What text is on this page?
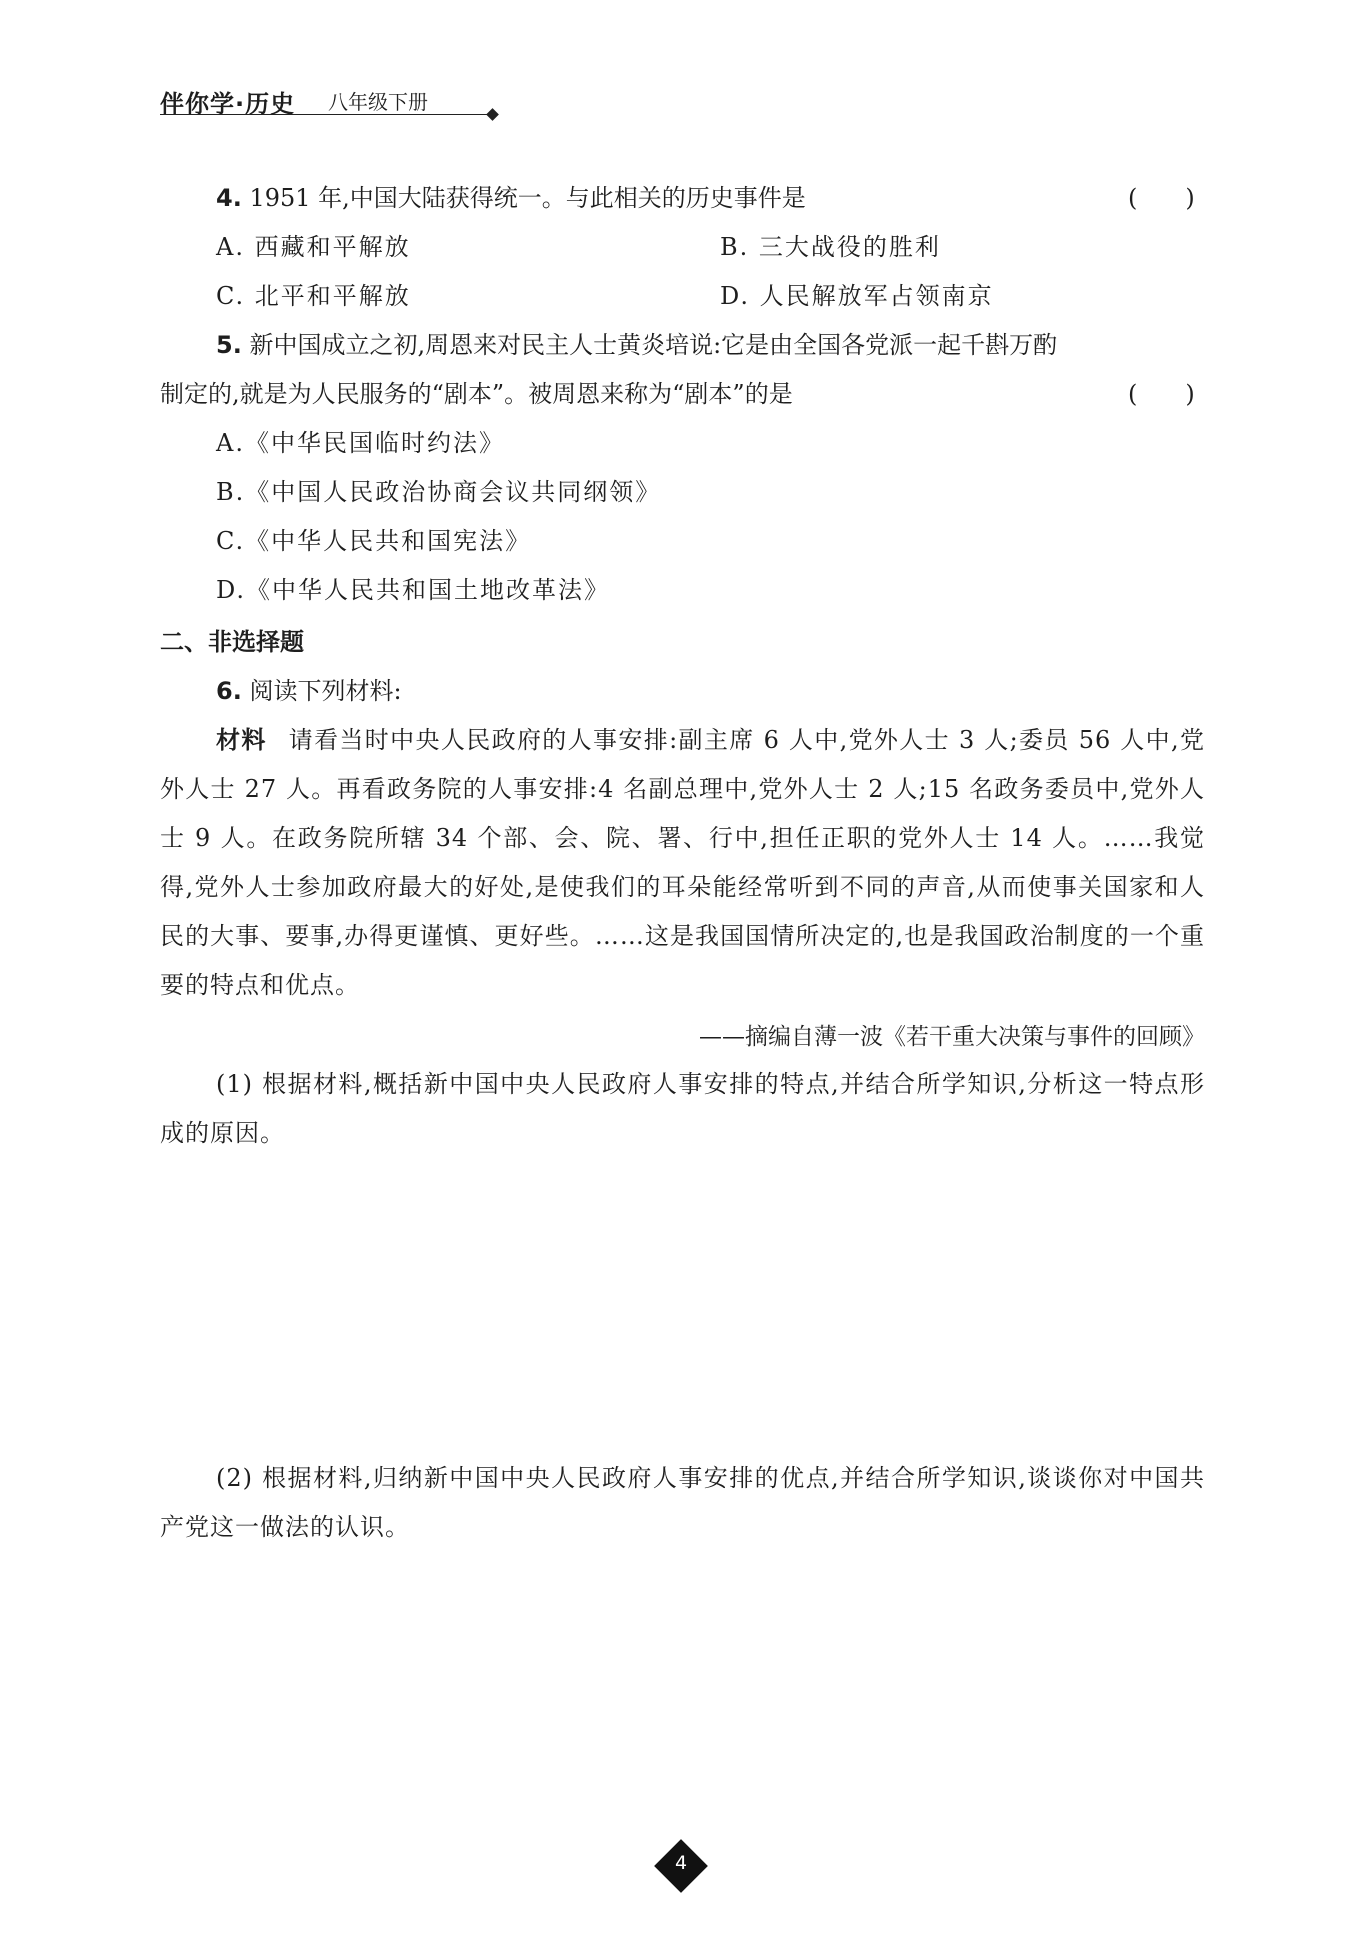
伴你学·历史 八年级下册
4. 1951 年,中国大陆获得统一。与此相关的历史事件是	(　　)
A. 西藏和平解放	B. 三大战役的胜利
C. 北平和平解放	D. 人民解放军占领南京
5. 新中国成立之初,周恩来对民主人士黄炎培说:它是由全国各党派一起千斟万酌
制定的,就是为人民服务的“剧本”。被周恩来称为“剧本”的是	(　　)
A.《中华民国临时约法》
B.《中国人民政治协商会议共同纲领》
C.《中华人民共和国宪法》
D.《中华人民共和国土地改革法》
二、非选择题
6. 阅读下列材料:
材料 请看当时中央人民政府的人事安排:副主席 6 人中,党外人士 3 人;委员 56 人中,党外人士 27 人。再看政务院的人事安排:4 名副总理中,党外人士 2 人;15 名政务委员中,党外人士 9 人。在政务院所辖 34 个部、会、院、署、行中,担任正职的党外人士 14 人。……我觉得,党外人士参加政府最大的好处,是使我们的耳朵能经常听到不同的声音,从而使事关国家和人民的大事、要事,办得更谨慎、更好些。……这是我国国情所决定的,也是我国政治制度的一个重要的特点和优点。
——摘编自薄一波《若干重大决策与事件的回顾》
(1) 根据材料,概括新中国中央人民政府人事安排的特点,并结合所学知识,分析这一特点形成的原因。
(2) 根据材料,归纳新中国中央人民政府人事安排的优点,并结合所学知识,谈谈你对中国共产党这一做法的认识。
4
